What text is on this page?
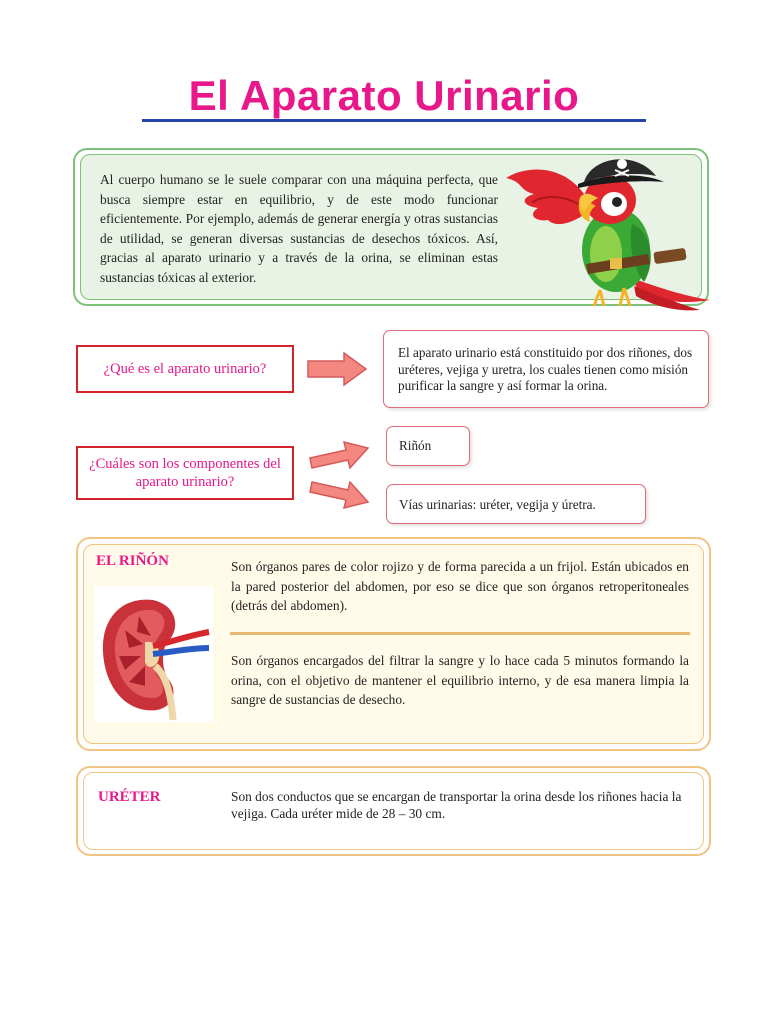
El Aparato Urinario
Al cuerpo humano se le suele comparar con una máquina perfecta, que busca siempre estar en equilibrio, y de este modo funcionar eficientemente. Por ejemplo, además de generar energía y otras sustancias de utilidad, se generan diversas sustancias de desechos tóxicos. Así, gracias al aparato urinario y a través de la orina, se eliminan estas sustancias tóxicas al exterior.
¿Qué es el aparato urinario?
El aparato urinario está constituido por dos riñones, dos uréteres, vejiga y uretra, los cuales tienen como misión purificar la sangre y así formar la orina.
¿Cuáles son los componentes del aparato urinario?
Riñón
Vías urinarias: uréter, vegija y úretra.
EL RIÑÓN	Son órganos pares de color rojizo y de forma parecida a un frijol. Están ubicados en la pared posterior del abdomen, por eso se dice que son órganos retroperitoneales (detrás del abdomen).
Son órganos encargados del filtrar la sangre y lo hace cada 5 minutos formando la orina, con el objetivo de mantener el equilibrio interno, y de esa manera limpia la sangre de sustancias de desecho.
URÉTER	Son dos conductos que se encargan de transportar la orina desde los riñones hacia la vejiga. Cada uréter mide de 28 – 30 cm.
